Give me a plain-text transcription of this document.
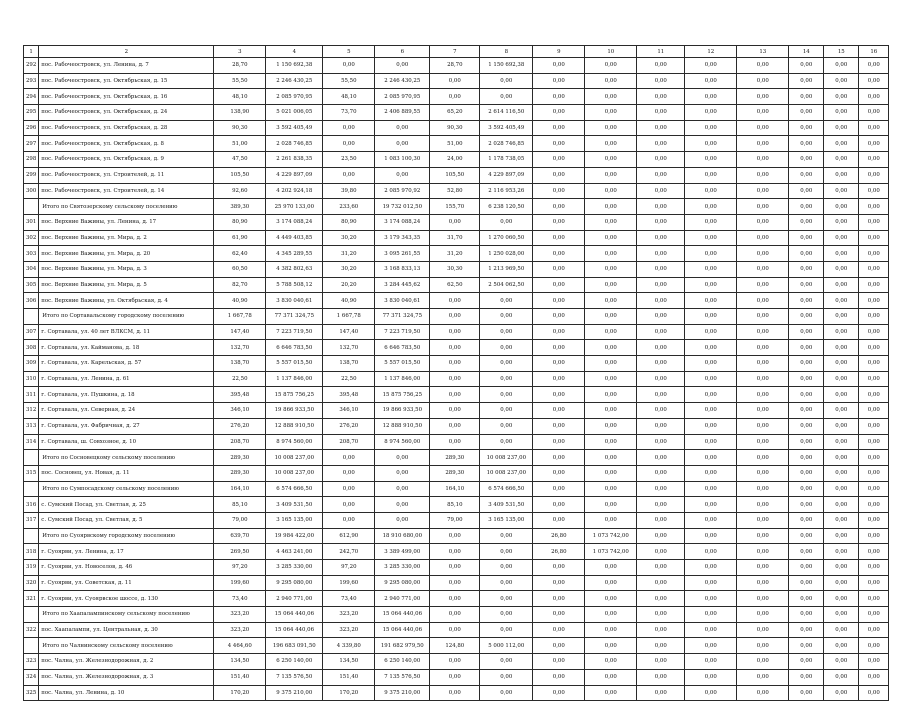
1	2	3	4	5	6	7	8	9	10	11	12	13	14	15	16
292	пос. Рабочеостровск, ул. Ленина, д. 7	28,70	1 150 692,38	0,00	0,00	28,70	1 150 692,38	0,00	0,00	0,00	0,00	0,00	0,00	0,00	0,00
293	пос. Рабочеостровск, ул. Октябрьская, д. 15	55,50	2 246 430,25	55,50	2 246 430,25	0,00	0,00	0,00	0,00	0,00	0,00	0,00	0,00	0,00	0,00
294	пос. Рабочеостровск, ул. Октябрьская, д. 16	48,10	2 085 970,95	48,10	2 085 970,95	0,00	0,00	0,00	0,00	0,00	0,00	0,00	0,00	0,00	0,00
295	пос. Рабочеостровск, ул. Октябрьская, д. 24	138,90	5 021 006,05	73,70	2 406 889,55	65,20	2 614 116,50	0,00	0,00	0,00	0,00	0,00	0,00	0,00	0,00
296	пос. Рабочеостровск, ул. Октябрьская, д. 28	90,30	3 592 405,49	0,00	0,00	90,30	3 592 405,49	0,00	0,00	0,00	0,00	0,00	0,00	0,00	0,00
297	пос. Рабочеостровск, ул. Октябрьская, д. 8	51,00	2 028 746,85	0,00	0,00	51,00	2 028 746,85	0,00	0,00	0,00	0,00	0,00	0,00	0,00	0,00
298	пос. Рабочеостровск, ул. Октябрьская, д. 9	47,50	2 261 838,35	23,50	1 083 100,30	24,00	1 178 738,05	0,00	0,00	0,00	0,00	0,00	0,00	0,00	0,00
299	пос. Рабочеостровск, ул. Строителей, д. 11	105,50	4 229 897,09	0,00	0,00	105,50	4 229 897,09	0,00	0,00	0,00	0,00	0,00	0,00	0,00	0,00
300	пос. Рабочеостровск, ул. Строителей, д. 14	92,60	4 202 924,18	39,80	2 085 970,92	52,80	2 116 953,26	0,00	0,00	0,00	0,00	0,00	0,00	0,00	0,00
	Итого по Святозерскому сельскому поселению	389,30	25 970 133,00	233,60	19 732 012,50	155,70	6 238 120,50	0,00	0,00	0,00	0,00	0,00	0,00	0,00	0,00
301	пос. Верхние Важины, ул. Ленина, д. 17	80,90	3 174 088,24	80,90	3 174 088,24	0,00	0,00	0,00	0,00	0,00	0,00	0,00	0,00	0,00	0,00
302	пос. Верхние Важины, ул. Мира, д. 2	61,90	4 449 403,85	30,20	3 179 343,35	31,70	1 270 060,50	0,00	0,00	0,00	0,00	0,00	0,00	0,00	0,00
303	пос. Верхние Важины, ул. Мира, д. 20	62,40	4 345 289,55	31,20	3 095 261,55	31,20	1 250 028,00	0,00	0,00	0,00	0,00	0,00	0,00	0,00	0,00
304	пос. Верхние Важины, ул. Мира, д. 3	60,50	4 382 802,63	30,20	3 168 833,13	30,30	1 213 969,50	0,00	0,00	0,00	0,00	0,00	0,00	0,00	0,00
305	пос. Верхние Важины, ул. Мира, д. 5	82,70	5 788 508,12	20,20	3 284 445,62	62,50	2 504 062,50	0,00	0,00	0,00	0,00	0,00	0,00	0,00	0,00
306	пос. Верхние Важины, ул. Октябрьская, д. 4	40,90	3 830 040,61	40,90	3 830 040,61	0,00	0,00	0,00	0,00	0,00	0,00	0,00	0,00	0,00	0,00
	Итого по Сортавальскому городскому поселению	1 667,78	77 371 324,75	1 667,78	77 371 324,75	0,00	0,00	0,00	0,00	0,00	0,00	0,00	0,00	0,00	0,00
307	г. Сортавала, ул. 40 лет ВЛКСМ, д. 11	147,40	7 223 719,50	147,40	7 223 719,50	0,00	0,00	0,00	0,00	0,00	0,00	0,00	0,00	0,00	0,00
308	г. Сортавала, ул. Kайманова, д. 18	132,70	6 646 783,50	132,70	6 646 783,50	0,00	0,00	0,00	0,00	0,00	0,00	0,00	0,00	0,00	0,00
309	г. Сортавала, ул. Карельская, д. 57	138,70	5 557 015,50	138,70	5 557 015,50	0,00	0,00	0,00	0,00	0,00	0,00	0,00	0,00	0,00	0,00
310	г. Сортавала, ул. Ленина, д. 61	22,50	1 137 846,00	22,50	1 137 846,00	0,00	0,00	0,00	0,00	0,00	0,00	0,00	0,00	0,00	0,00
311	г. Сортавала, ул. Пушкина, д. 18	395,48	15 875 756,25	395,48	15 875 756,25	0,00	0,00	0,00	0,00	0,00	0,00	0,00	0,00	0,00	0,00
312	г. Сортавала, ул. Северная, д. 24	346,10	19 866 933,50	346,10	19 866 933,50	0,00	0,00	0,00	0,00	0,00	0,00	0,00	0,00	0,00	0,00
313	г. Сортавала, ул. Фабричная, д. 27	276,20	12 888 910,50	276,20	12 888 910,50	0,00	0,00	0,00	0,00	0,00	0,00	0,00	0,00	0,00	0,00
314	г. Сортавала, ш. Совхозное, д. 10	208,70	8 974 560,00	208,70	8 974 560,00	0,00	0,00	0,00	0,00	0,00	0,00	0,00	0,00	0,00	0,00
	Итого по Сосновецкому сельскому поселению	289,30	10 008 237,00	0,00	0,00	289,30	10 008 237,00	0,00	0,00	0,00	0,00	0,00	0,00	0,00	0,00
315	пос. Сосновец, ул. Новая, д. 11	289,30	10 008 237,00	0,00	0,00	289,30	10 008 237,00	0,00	0,00	0,00	0,00	0,00	0,00	0,00	0,00
	Итого по Сумпосадскому сельскому поселению	164,10	6 574 666,50	0,00	0,00	164,10	6 574 666,50	0,00	0,00	0,00	0,00	0,00	0,00	0,00	0,00
316	с. Сумский Посад, ул. Светлая, д. 25	85,10	3 409 531,50	0,00	0,00	85,10	3 409 531,50	0,00	0,00	0,00	0,00	0,00	0,00	0,00	0,00
317	с. Сумский Посад, ул. Светлая, д. 5	79,00	3 165 135,00	0,00	0,00	79,00	3 165 135,00	0,00	0,00	0,00	0,00	0,00	0,00	0,00	0,00
	Итого по Суоярвскому городскому поселению	639,70	19 984 422,00	612,90	18 910 680,00	0,00	0,00	26,80	1 073 742,00	0,00	0,00	0,00	0,00	0,00	0,00
318	г. Суоярви, ул. Ленина, д. 17	269,50	4 463 241,00	242,70	3 389 499,00	0,00	0,00	26,80	1 073 742,00	0,00	0,00	0,00	0,00	0,00	0,00
319	г. Суоярви, ул. Новоселов, д. 46	97,20	3 285 330,00	97,20	3 285 330,00	0,00	0,00	0,00	0,00	0,00	0,00	0,00	0,00	0,00	0,00
320	г. Суоярви, ул. Советская, д. 11	199,60	9 295 080,00	199,60	9 295 080,00	0,00	0,00	0,00	0,00	0,00	0,00	0,00	0,00	0,00	0,00
321	г. Суоярви, ул. Суоярвское шоссе, д. 130	73,40	2 940 771,00	73,40	2 940 771,00	0,00	0,00	0,00	0,00	0,00	0,00	0,00	0,00	0,00	0,00
	Итого по Хаапалампинскому сельскому поселению	323,20	15 064 440,06	323,20	15 064 440,06	0,00	0,00	0,00	0,00	0,00	0,00	0,00	0,00	0,00	0,00
322	пос. Хаапалампи, ул. Центральная, д. 30	323,20	15 064 440,06	323,20	15 064 440,06	0,00	0,00	0,00	0,00	0,00	0,00	0,00	0,00	0,00	0,00
	Итого по Чалнинскому сельскому поселению	4 464,60	196 683 091,50	4 339,80	191 682 979,50	124,80	5 000 112,00	0,00	0,00	0,00	0,00	0,00	0,00	0,00	0,00
323	пос. Чална, ул. Железнодорожная, д. 2	134,50	6 250 140,00	134,50	6 250 140,00	0,00	0,00	0,00	0,00	0,00	0,00	0,00	0,00	0,00	0,00
324	пос. Чална, ул. Железнодорожная, д. 3	151,40	7 135 576,50	151,40	7 135 576,50	0,00	0,00	0,00	0,00	0,00	0,00	0,00	0,00	0,00	0,00
325	пос. Чална, ул. Ленина, д. 10	170,20	9 375 210,00	170,20	9 375 210,00	0,00	0,00	0,00	0,00	0,00	0,00	0,00	0,00	0,00	0,00
